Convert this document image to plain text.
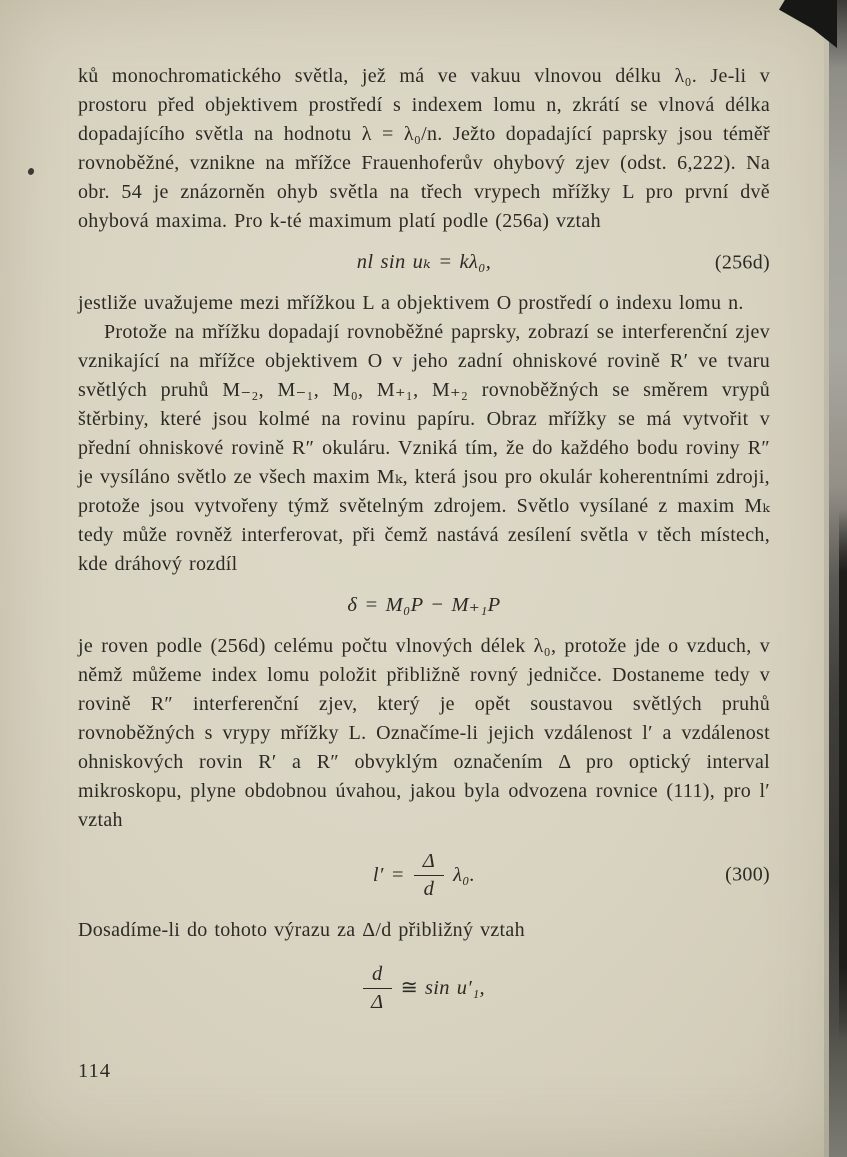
ků monochromatického světla, jež má ve vakuu vlnovou délku λ₀. Je-li v prostoru před objektivem prostředí s indexem lomu n, zkrátí se vlnová délka dopadajícího světla na hodnotu λ = λ₀/n. Ježto dopadající paprsky jsou téměř rovnoběžné, vznikne na mřížce Frauenhoferův ohybový zjev (odst. 6,222). Na obr. 54 je znázorněn ohyb světla na třech vrypech mřížky L pro první dvě ohybová maxima. Pro k-té maximum platí podle (256a) vztah

nl sin uₖ = kλ₀,	(256d)

jestliže uvažujeme mezi mřížkou L a objektivem O prostředí o indexu lomu n.

Protože na mřížku dopadají rovnoběžné paprsky, zobrazí se interferenční zjev vznikající na mřížce objektivem O v jeho zadní ohniskové rovině R′ ve tvaru světlých pruhů M₋₂, M₋₁, M₀, M₊₁, M₊₂ rovnoběžných se směrem vrypů štěrbiny, které jsou kolmé na rovinu papíru. Obraz mřížky se má vytvořit v přední ohniskové rovině R″ okuláru. Vzniká tím, že do každého bodu roviny R″ je vysíláno světlo ze všech maxim Mₖ, která jsou pro okulár koherentními zdroji, protože jsou vytvořeny týmž světelným zdrojem. Světlo vysílané z maxim Mₖ tedy může rovněž interferovat, při čemž nastává zesílení světla v těch místech, kde dráhový rozdíl

δ = M₀P − M₊₁P

je roven podle (256d) celému počtu vlnových délek λ₀, protože jde o vzduch, v němž můžeme index lomu položit přibližně rovný jedničce. Dostaneme tedy v rovině R″ interferenční zjev, který je opět soustavou světlých pruhů rovnoběžných s vrypy mřížky L. Označíme-li jejich vzdálenost l′ a vzdálenost ohniskových rovin R′ a R″ obvyklým označením Δ pro optický interval mikroskopu, plyne obdobnou úvahou, jakou byla odvozena rovnice (111), pro l′ vztah

$l' = \frac{\Delta}{d} \lambda_0$.	(300)

Dosadíme-li do tohoto výrazu za Δ/d přibližný vztah

$\frac{d}{\Delta}$ ≅ sin u′₁,
114
